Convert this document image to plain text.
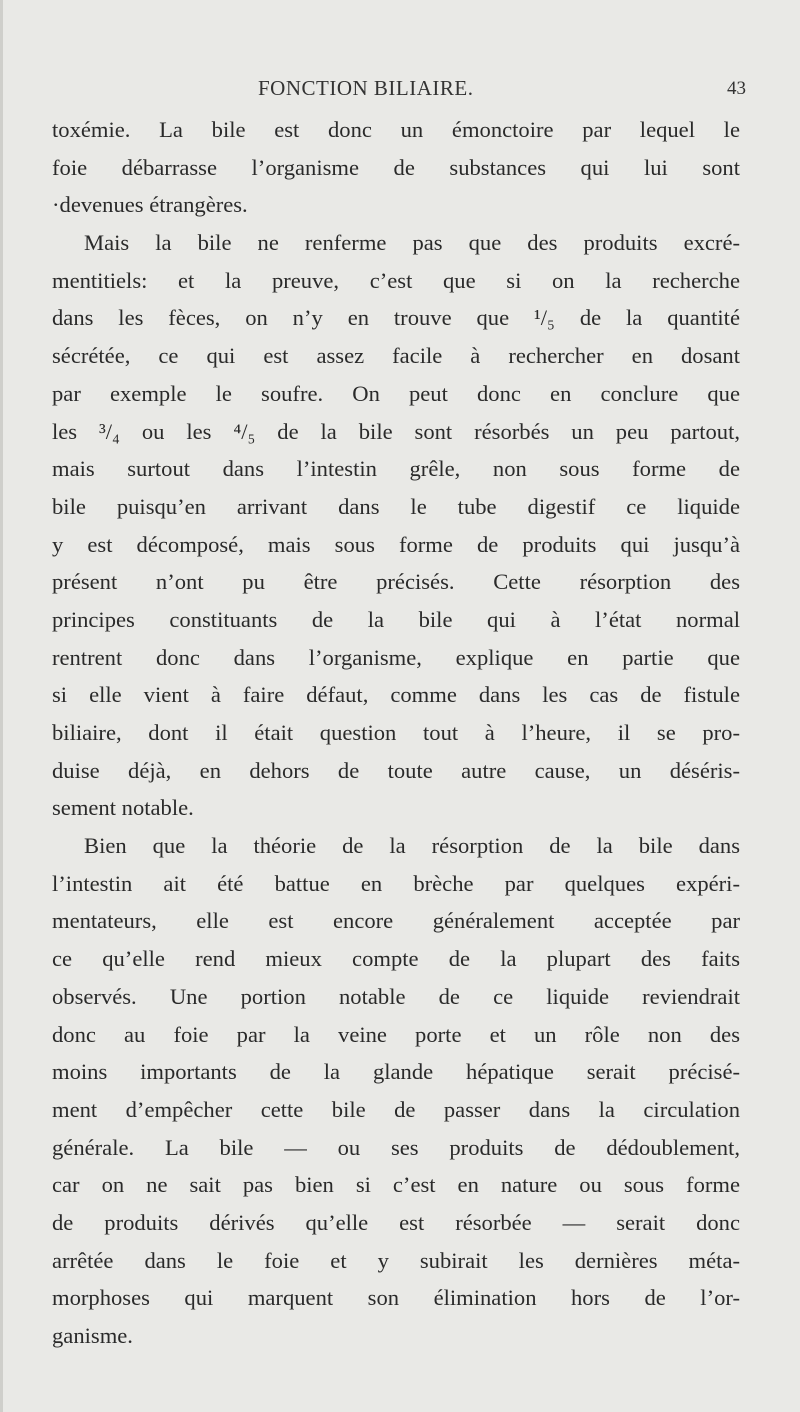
FONCTION BILIAIRE.	43
toxémie. La bile est donc un émonctoire par lequel le
foie débarrasse l’organisme de substances qui lui sont
·devenues étrangères.
Mais la bile ne renferme pas que des produits excré-
mentitiels: et la preuve, c’est que si on la recherche
dans les fèces, on n’y en trouve que ¹/₅ de la quantité
sécrétée, ce qui est assez facile à rechercher en dosant
par exemple le soufre. On peut donc en conclure que
les ³/₄ ou les ⁴/₅ de la bile sont résorbés un peu partout,
mais surtout dans l’intestin grêle, non sous forme de
bile puisqu’en arrivant dans le tube digestif ce liquide
y est décomposé, mais sous forme de produits qui jusqu’à
présent n’ont pu être précisés. Cette résorption des
principes constituants de la bile qui à l’état normal
rentrent donc dans l’organisme, explique en partie que
si elle vient à faire défaut, comme dans les cas de fistule
biliaire, dont il était question tout à l’heure, il se pro-
duise déjà, en dehors de toute autre cause, un déséris-
sement notable.
Bien que la théorie de la résorption de la bile dans
l’intestin ait été battue en brèche par quelques expéri-
mentateurs, elle est encore généralement acceptée par
ce qu’elle rend mieux compte de la plupart des faits
observés. Une portion notable de ce liquide reviendrait
donc au foie par la veine porte et un rôle non des
moins importants de la glande hépatique serait précisé-
ment d’empêcher cette bile de passer dans la circulation
générale. La bile — ou ses produits de dédoublement,
car on ne sait pas bien si c’est en nature ou sous forme
de produits dérivés qu’elle est résorbée — serait donc
arrêtée dans le foie et y subirait les dernières méta-
morphoses qui marquent son élimination hors de l’or-
ganisme.
